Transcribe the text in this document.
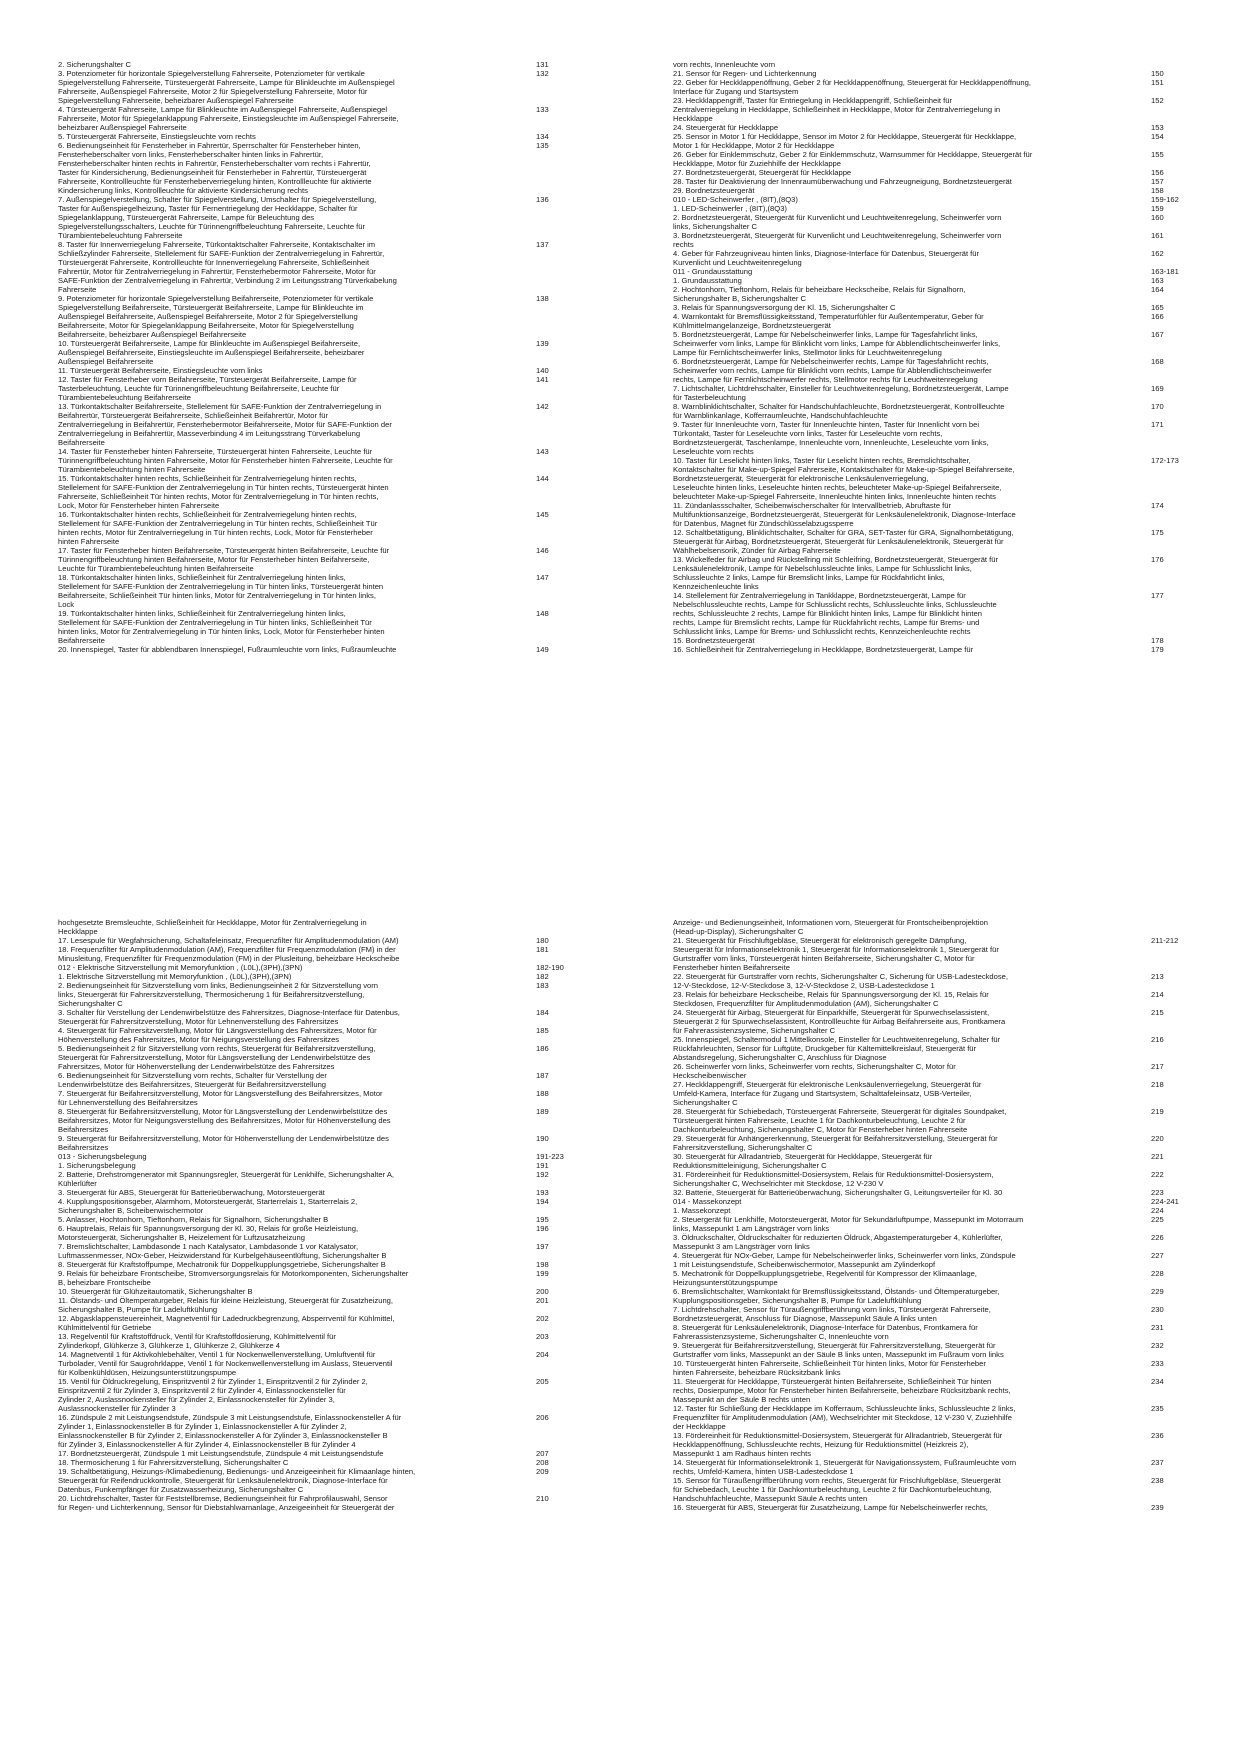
2. Sicherungshalter C	131
3. Potenziometer für horizontale Spiegelverstellung Fahrerseite, Potenziometer für vertikale
Spiegelverstellung Fahrerseite, Türsteuergerät Fahrerseite, Lampe für Blinkleuchte im Außenspiegel
Fahrerseite, Außenspiegel Fahrerseite, Motor 2 für Spiegelverstellung Fahrerseite, Motor für
Spiegelverstellung Fahrerseite, beheizbarer Außenspiegel Fahrerseite
132
4. Türsteuergerät Fahrerseite, Lampe für Blinkleuchte im Außenspiegel Fahrerseite, Außenspiegel
Fahrerseite, Motor für Spiegelanklappung Fahrerseite, Einstiegsleuchte im Außenspiegel Fahrerseite,
beheizbarer Außenspiegel Fahrerseite
133
5. Türsteuergerät Fahrerseite, Einstiegsleuchte vorn rechts	134
6. Bedienungseinheit für Fensterheber in Fahrertür, Sperrschalter für Fensterheber hinten,
Fensterheberschalter vorn links, Fensterheberschalter hinten links in Fahrertür,
Fensterheberschalter hinten rechts in Fahrertür, Fensterheberschalter vorn rechts i Fahrertür,
Taster für Kindersicherung, Bedienungseinheit für Fensterheber in Fahrertür, Türsteuergerät
Fahrerseite, Kontrollleuchte für Fensterheberverriegelung hinten, Kontrollleuchte für aktivierte
Kindersicherung links, Kontrollleuchte für aktivierte Kindersicherung rechts
135
7. Außenspiegelverstellung, Schalter für Spiegelverstellung, Umschalter für Spiegelverstellung,
Taster für Außenspiegelheizung, Taster für Fernentriegelung der Heckklappe, Schalter für
Spiegelanklappung, Türsteuergerät Fahrerseite, Lampe für Beleuchtung des
Spiegelverstellungsschalters, Leuchte für Türinnengriffbeleuchtung Fahrerseite, Leuchte für
Türambientebeleuchtung Fahrerseite
136
8. Taster für Innenverriegelung Fahrerseite, Türkontaktschalter Fahrerseite, Kontaktschalter im
Schließzylinder Fahrerseite, Stellelement für SAFE-Funktion der Zentralverriegelung in Fahrertür,
Türsteuergerät Fahrerseite, Kontrollleuchte für Innenverriegelung Fahrerseite, Schließeinheit
Fahrertür, Motor für Zentralverriegelung in Fahrertür, Fensterhebermotor Fahrerseite, Motor für
SAFE-Funktion der Zentralverriegelung in Fahrertür, Verbindung 2 im Leitungsstrang Türverkabelung
Fahrerseite
137
9. Potenziometer für horizontale Spiegelverstellung Beifahrerseite, Potenziometer für vertikale
Spiegelverstellung Beifahrerseite, Türsteuergerät Beifahrerseite, Lampe für Blinkleuchte im
Außenspiegel Beifahrerseite, Außenspiegel Beifahrerseite, Motor 2 für Spiegelverstellung
Beifahrerseite, Motor für Spiegelanklappung Beifahrerseite, Motor für Spiegelverstellung
Beifahrerseite, beheizbarer Außenspiegel Beifahrerseite
138
10. Türsteuergerät Beifahrerseite, Lampe für Blinkleuchte im Außenspiegel Beifahrerseite,
Außenspiegel Beifahrerseite, Einstiegsleuchte im Außenspiegel Beifahrerseite, beheizbarer
Außenspiegel Beifahrerseite
139
11. Türsteuergerät Beifahrerseite, Einstiegsleuchte vorn links	140
12. Taster für Fensterheber vorn Beifahrerseite, Türsteuergerät Beifahrerseite, Lampe für
Tasterbeleuchtung, Leuchte für Türinnengriffbeleuchtung Beifahrerseite, Leuchte für
Türambientebeleuchtung Beifahrerseite
141
13. Türkontaktschalter Beifahrerseite, Stellelement für SAFE-Funktion der Zentralverriegelung in
Beifahrertür, Türsteuergerät Beifahrerseite, Schließeinheit Beifahrertür, Motor für
Zentralverriegelung in Beifahrertür, Fensterhebermotor Beifahrerseite, Motor für SAFE-Funktion der
Zentralverriegelung in Beifahrertür, Masseverbindung 4 im Leitungsstrang Türverkabelung
Beifahrerseite
142
14. Taster für Fensterheber hinten Fahrerseite, Türsteuergerät hinten Fahrerseite, Leuchte für
Türinnengriffbeleuchtung hinten Fahrerseite, Motor für Fensterheber hinten Fahrerseite, Leuchte für
Türambientebeleuchtung hinten Fahrerseite
143
15. Türkontaktschalter hinten rechts, Schließeinheit für Zentralverriegelung hinten rechts,
Stellelement für SAFE-Funktion der Zentralverriegelung in Tür hinten rechts, Türsteuergerät hinten
Fahrerseite, Schließeinheit Tür hinten rechts, Motor für Zentralverriegelung in Tür hinten rechts,
Lock, Motor für Fensterheber hinten Fahrerseite
144
16. Türkontaktschalter hinten rechts, Schließeinheit für Zentralverriegelung hinten rechts,
Stellelement für SAFE-Funktion der Zentralverriegelung in Tür hinten rechts, Schließeinheit Tür
hinten rechts, Motor für Zentralverriegelung in Tür hinten rechts, Lock, Motor für Fensterheber
hinten Fahrerseite
145
17. Taster für Fensterheber hinten Beifahrerseite, Türsteuergerät hinten Beifahrerseite, Leuchte für
Türinnengriffbeleuchtung hinten Beifahrerseite, Motor für Fensterheber hinten Beifahrerseite,
Leuchte für Türambientebeleuchtung hinten Beifahrerseite
146
18. Türkontaktschalter hinten links, Schließeinheit für Zentralverriegelung hinten links,
Stellelement für SAFE-Funktion der Zentralverriegelung in Tür hinten links, Türsteuergerät hinten
Beifahrerseite, Schließeinheit Tür hinten links, Motor für Zentralverriegelung in Tür hinten links,
Lock
147
19. Türkontaktschalter hinten links, Schließeinheit für Zentralverriegelung hinten links,
Stellelement für SAFE-Funktion der Zentralverriegelung in Tür hinten links, Schließeinheit Tür
hinten links, Motor für Zentralverriegelung in Tür hinten links, Lock, Motor für Fensterheber hinten
Beifahrerseite
148
20. Innenspiegel, Taster für abblendbaren Innenspiegel, Fußraumleuchte vorn links, Fußraumleuchte	149
vorn rechts, Innenleuchte vorn
21. Sensor für Regen- und Lichterkennung	150
22. Geber für Heckklappenöffnung, Geber 2 für Heckklappenöffnung, Steuergerät für Heckklappenöffnung,
Interface für Zugang und Startsystem
151
23. Heckklappengriff, Taster für Entriegelung in Heckklappengriff, Schließeinheit für
Zentralverriegelung in Heckklappe, Schließeinheit in Heckklappe, Motor für Zentralverriegelung in
Heckklappe
152
24. Steuergerät für Heckklappe	153
25. Sensor in Motor 1 für Heckklappe, Sensor im Motor 2 für Heckklappe, Steuergerät für Heckklappe,
Motor 1 für Heckklappe, Motor 2 für Heckklappe
154
26. Geber für Einklemmschutz, Geber 2 für Einklemmschutz, Warnsummer für Heckklappe, Steuergerät für
Heckklappe, Motor für Zuziehhilfe der Heckklappe
155
27. Bordnetzsteuergerät, Steuergerät für Heckklappe	156
28. Taster für Deaktivierung der Innenraumüberwachung und Fahrzeugneigung, Bordnetzsteuergerät	157
29. Bordnetzsteuergerät	158
010 - LED-Scheinwerfer , (8IT),(8Q3)	159-162
1. LED-Scheinwerfer , (8IT),(8Q3)	159
2. Bordnetzsteuergerät, Steuergerät für Kurvenlicht und Leuchtweitenregelung, Scheinwerfer vorn
links, Sicherungshalter C
160
3. Bordnetzsteuergerät, Steuergerät für Kurvenlicht und Leuchtweitenregelung, Scheinwerfer vorn
rechts
161
4. Geber für Fahrzeugniveau hinten links, Diagnose-Interface für Datenbus, Steuergerät für
Kurvenlicht und Leuchtweitenregelung
162
011 - Grundausstattung	163-181
1. Grundausstattung	163
2. Hochtonhorn, Tieftonhorn, Relais für beheizbare Heckscheibe, Relais für Signalhorn,
Sicherungshalter B, Sicherungshalter C
164
3. Relais für Spannungsversorgung der Kl. 15, Sicherungshalter C	165
4. Warnkontakt für Bremsflüssigkeitsstand, Temperaturfühler für Außentemperatur, Geber für
Kühlmittelmangelanzeige, Bordnetzsteuergerät
166
5. Bordnetzsteuergerät, Lampe für Nebelscheinwerfer links, Lampe für Tagesfahrlicht links,
Scheinwerfer vorn links, Lampe für Blinklicht vorn links, Lampe für Abblendlichtscheinwerfer links,
Lampe für Fernlichtscheinwerfer links, Stellmotor links für Leuchtweitenregelung
167
6. Bordnetzsteuergerät, Lampe für Nebelscheinwerfer rechts, Lampe für Tagesfahrlicht rechts,
Scheinwerfer vorn rechts, Lampe für Blinklicht vorn rechts, Lampe für Abblendlichtscheinwerfer
rechts, Lampe für Fernlichtscheinwerfer rechts, Stellmotor rechts für Leuchtweitenregelung
168
7. Lichtschalter, Lichtdrehschalter, Einsteller für Leuchtweitenregelung, Bordnetzsteuergerät, Lampe
für Tasterbeleuchtung
169
8. Warnblinklichtschalter, Schalter für Handschuhfachleuchte, Bordnetzsteuergerät, Kontrollleuchte
für Warnblinkanlage, Kofferraumleuchte, Handschuhfachleuchte
170
9. Taster für Innenleuchte vorn, Taster für Innenleuchte hinten, Taster für Innenlicht vorn bei
Türkontakt, Taster für Leseleuchte vorn links, Taster für Leseleuchte vorn rechts,
Bordnetzsteuergerät, Taschenlampe, Innenleuchte vorn, Innenleuchte, Leseleuchte vorn links,
Leseleuchte vorn rechts
171
10. Taster für Leselicht hinten links, Taster für Leselicht hinten rechts, Bremslichtschalter,
Kontaktschalter für Make-up-Spiegel Fahrerseite, Kontaktschalter für Make-up-Spiegel Beifahrerseite,
Bordnetzsteuergerät, Steuergerät für elektronische Lenksäulenverriegelung,
Leseleuchte hinten links, Leseleuchte hinten rechts, beleuchteter Make-up-Spiegel Beifahrerseite,
beleuchteter Make-up-Spiegel Fahrerseite, Innenleuchte hinten links, Innenleuchte hinten rechts
172-173
11. Zündanlassschalter, Scheibenwischerschalter für Intervallbetrieb, Abruftaste für
Multifunktionsanzeige, Bordnetzsteuergerät, Steuergerät für Lenksäulenelektronik, Diagnose-Interface
für Datenbus, Magnet für Zündschlüsselabzugssperre
174
12. Schaltbetätigung, Blinklichtschalter, Schalter für GRA, SET-Taster für GRA, Signalhornbetätigung,
Steuergerät für Airbag, Bordnetzsteuergerät, Steuergerät für Lenksäulenelektronik, Steuergerät für
Wählhebelsensorik, Zünder für Airbag Fahrerseite
175
13. Wickelfeder für Airbag und Rückstellring mit Schleifring, Bordnetzsteuergerät, Steuergerät für
Lenksäulenelektronik, Lampe für Nebelschlussleuchte links, Lampe für Schlusslicht links,
Schlussleuchte 2 links, Lampe für Bremslicht links, Lampe für Rückfahrlicht links,
Kennzeichenleuchte links
176
14. Stellelement für Zentralverriegelung in Tankklappe, Bordnetzsteuergerät, Lampe für
Nebelschlussleuchte rechts, Lampe für Schlusslicht rechts, Schlussleuchte links, Schlussleuchte
rechts, Schlussleuchte 2 rechts, Lampe für Blinklicht hinten links, Lampe für Blinklicht hinten
rechts, Lampe für Bremslicht rechts, Lampe für Rückfahrlicht rechts, Lampe für Brems- und
Schlusslicht links, Lampe für Brems- und Schlusslicht rechts, Kennzeichenleuchte rechts
177
15. Bordnetzsteuergerät	178
16. Schließeinheit für Zentralverriegelung in Heckklappe, Bordnetzsteuergerät, Lampe für	179
hochgesetzte Bremsleuchte, Schließeinheit für Heckklappe, Motor für Zentralverriegelung in
Heckklappe
17. Lesespule für Wegfahrsicherung, Schaltafeleinsatz, Frequenzfilter für Amplitudenmodulation (AM)	180
18. Frequenzfilter für Amplitudenmodulation (AM), Frequenzfilter für Frequenzmodulation (FM) in der
Minusleitung, Frequenzfilter für Frequenzmodulation (FM) in der Plusleitung, beheizbare Heckscheibe
181
012 - Elektrische Sitzverstellung mit Memoryfunktion , (L0L),(3PH),(3PN)	182-190
1. Elektrische Sitzverstellung mit Memoryfunktion , (L0L),(3PH),(3PN)	182
2. Bedienungseinheit für Sitzverstellung vorn links, Bedienungseinheit 2 für Sitzverstellung vorn
links, Steuergerät für Fahrersitzverstellung, Thermosicherung 1 für Beifahrersitzverstellung,
Sicherungshalter C
183
3. Schalter für Verstellung der Lendenwirbelstütze des Fahrersitzes, Diagnose-Interface für Datenbus,
Steuergerät für Fahrersitzverstellung, Motor für Lehnenverstellung des Fahrersitzes
184
4. Steuergerät für Fahrersitzverstellung, Motor für Längsverstellung des Fahrersitzes, Motor für
Höhenverstellung des Fahrersitzes, Motor für Neigungsverstellung des Fahrersitzes
185
5. Bedienungseinheit 2 für Sitzverstellung vorn rechts, Steuergerät für Beifahrersitzverstellung,
Steuergerät für Fahrersitzverstellung, Motor für Längsverstellung der Lendenwirbelstütze des
Fahrersitzes, Motor für Höhenverstellung der Lendenwirbelstütze des Fahrersitzes
186
6. Bedienungseinheit für Sitzverstellung vorn rechts, Schalter für Verstellung der
Lendenwirbelstütze des Beifahrersitzes, Steuergerät für Beifahrersitzverstellung
187
7. Steuergerät für Beifahrersitzverstellung, Motor für Längsverstellung des Beifahrersitzes, Motor
für Lehnenverstellung des Beifahrersitzes
188
8. Steuergerät für Beifahrersitzverstellung, Motor für Längsverstellung der Lendenwirbelstütze des
Beifahrersitzes, Motor für Neigungsverstellung des Beifahrersitzes, Motor für Höhenverstellung des
Beifahrersitzes
189
9. Steuergerät für Beifahrersitzverstellung, Motor für Höhenverstellung der Lendenwirbelstütze des
Beifahrersitzes
190
013 - Sicherungsbelegung	191-223
1. Sicherungsbelegung	191
2. Batterie, Drehstromgenerator mit Spannungsregler, Steuergerät für Lenkhilfe, Sicherungshalter A,
Kühlerlüfter
192
3. Steuergerät für ABS, Steuergerät für Batterieüberwachung, Motorsteuergerät	193
4. Kupplungspositionsgeber, Alarmhorn, Motorsteuergerät, Starterrelais 1, Starterrelais 2,
Sicherungshalter B, Scheibenwischermotor
194
5. Anlasser, Hochtonhorn, Tieftonhorn, Relais für Signalhorn, Sicherungshalter B	195
6. Hauptrelais, Relais für Spannungsversorgung der Kl. 30, Relais für große Heizleistung,
Motorsteuergerät, Sicherungshalter B, Heizelement für Luftzusatzheizung
196
7. Bremslichtschalter, Lambdasonde 1 nach Katalysator, Lambdasonde 1 vor Katalysator,
Luftmassenmesser, NOx-Geber, Heizwiderstand für Kurbelgehäuseentlüftung, Sicherungshalter B
197
8. Steuergerät für Kraftstoffpumpe, Mechatronik für Doppelkupplungsgetriebe, Sicherungshalter B	198
9. Relais für beheizbare Frontscheibe, Stromversorgungsrelais für Motorkomponenten, Sicherungshalter
B, beheizbare Frontscheibe
199
10. Steuergerät für Glühzeitautomatik, Sicherungshalter B	200
11. Ölstands- und Öltemperaturgeber, Relais für kleine Heizleistung, Steuergerät für Zusatzheizung,
Sicherungshalter B, Pumpe für Ladeluftkühlung
201
12. Abgasklappensteuereinheit, Magnetventil für Ladedruckbegrenzung, Absperrventil für Kühlmittel,
Kühlmittelventil für Getriebe
202
13. Regelventil für Kraftstoffdruck, Ventil für Kraftstoffdosierung, Kühlmittelventil für
Zylinderkopf, Glühkerze 3, Glühkerze 1, Glühkerze 2, Glühkerze 4
203
14. Magnetventil 1 für Aktivkohlebehälter, Ventil 1 für Nockenwellenverstellung, Umluftventil für
Turbolader, Ventil für Saugrohrklappe, Ventil 1 für Nockenwellenverstellung im Auslass, Steuerventil
für Kolbenkühldüsen, Heizungsunterstützungspumpe
204
15. Ventil für Öldruckregelung, Einspritzventil 2 für Zylinder 1, Einspritzventil 2 für Zylinder 2,
Einspritzventil 2 für Zylinder 3, Einspritzventil 2 für Zylinder 4, Einlassnockensteller für
Zylinder 2, Auslassnockensteller für Zylinder 2, Einlassnockensteller für Zylinder 3,
Auslassnockensteller für Zylinder 3
205
16. Zündspule 2 mit Leistungsendstufe, Zündspule 3 mit Leistungsendstufe, Einlassnockensteller A für
Zylinder 1, Einlassnockensteller B für Zylinder 1, Einlassnockensteller A für Zylinder 2,
Einlassnockensteller B für Zylinder 2, Einlassnockensteller A für Zylinder 3, Einlassnockensteller B
für Zylinder 3, Einlassnockensteller A für Zylinder 4, Einlassnockensteller B für Zylinder 4
206
17. Bordnetzsteuergerät, Zündspule 1 mit Leistungsendstufe, Zündspule 4 mit Leistungsendstufe	207
18. Thermosicherung 1 für Fahrersitzverstellung, Sicherungshalter C	208
19. Schaltbetätigung, Heizungs-/Klimabedienung, Bedienungs- und Anzeigeeinheit für Klimaanlage hinten,
Steuergerät für Reifendruckkontrolle, Steuergerät für Lenksäulenelektronik, Diagnose-Interface für
Datenbus, Funkempfänger für Zusatzwasserheizung, Sicherungshalter C
209
20. Lichtdrehschalter, Taster für Feststellbremse, Bedienungseinheit für Fahrprofilauswahl, Sensor
für Regen- und Lichterkennung, Sensor für Diebstahlwarnanlage, Anzeigeeinheit für Steuergerät der
210
Anzeige- und Bedienungseinheit, Informationen vorn, Steuergerät für Frontscheibenprojektion
(Head-up-Display), Sicherungshalter C
21. Steuergerät für Frischluftgebläse, Steuergerät für elektronisch geregelte Dämpfung,
Steuergerät für Informationselektronik 1, Steuergerät für Informationselektronik 1, Steuergerät für
Gurtstraffer vorn links, Türsteuergerät hinten Beifahrerseite, Sicherungshalter C, Motor für
Fensterheber hinten Beifahrerseite
211-212
22. Steuergerät für Gurtstraffer vorn rechts, Sicherungshalter C, Sicherung für USB-Ladesteckdose,
12-V-Steckdose, 12-V-Steckdose 3, 12-V-Steckdose 2, USB-Ladesteckdose 1
213
23. Relais für beheizbare Heckscheibe, Relais für Spannungsversorgung der Kl. 15, Relais für
Steckdosen, Frequenzfilter für Amplitudenmodulation (AM), Sicherungshalter C
214
24. Steuergerät für Airbag, Steuergerät für Einparkhilfe, Steuergerät für Spurwechselassistent,
Steuergerät 2 für Spurwechselassistent, Kontrollleuchte für Airbag Beifahrerseite aus, Frontkamera
für Fahrerassistenzsysteme, Sicherungshalter C
215
25. Innenspiegel, Schaltermodul 1 Mittelkonsole, Einsteller für Leuchtweitenregelung, Schalter für
Rückfahrleuchten, Sensor für Luftgüte, Druckgeber für Kältemittelkreislauf, Steuergerät für
Abstandsregelung, Sicherungshalter C, Anschluss für Diagnose
216
26. Scheinwerfer vorn links, Scheinwerfer vorn rechts, Sicherungshalter C, Motor für
Heckscheibenwischer
217
27. Heckklappengriff, Steuergerät für elektronische Lenksäulenverriegelung, Steuergerät für
Umfeld-Kamera, Interface für Zugang und Startsystem, Schalttafeleinsatz, USB-Verteiler,
Sicherungshalter C
218
28. Steuergerät für Schiebedach, Türsteuergerät Fahrerseite, Steuergerät für digitales Soundpaket,
Türsteuergerät hinten Fahrerseite, Leuchte 1 für Dachkonturbeleuchtung, Leuchte 2 für
Dachkonturbeleuchtung, Sicherungshalter C, Motor für Fensterheber hinten Fahrerseite
219
29. Steuergerät für Anhängererkennung, Steuergerät für Beifahrersitzverstellung, Steuergerät für
Fahrersitzverstellung, Sicherungshalter C
220
30. Steuergerät für Allradantrieb, Steuergerät für Heckklappe, Steuergerät für
Reduktionsmitteleinigung, Sicherungshalter C
221
31. Fördereinheit für Reduktionsmittel-Dosiersystem, Relais für Reduktionsmittel-Dosiersystem,
Sicherungshalter C, Wechselrichter mit Steckdose, 12 V-230 V
222
32. Batterie, Steuergerät für Batterieüberwachung, Sicherungshalter G, Leitungsverteiler für Kl. 30	223
014 - Massekonzept	224-241
1. Massekonzept	224
2. Steuergerät für Lenkhilfe, Motorsteuergerät, Motor für Sekundärluftpumpe, Massepunkt im Motorraum
links, Massepunkt 1 am Längsträger vorn links
225
3. Öldruckschalter, Öldruckschalter für reduzierten Öldruck, Abgastemperaturgeber 4, Kühlerlüfter,
Massepunkt 3 am Längsträger vorn links
226
4. Steuergerät für NOx-Geber, Lampe für Nebelscheinwerfer links, Scheinwerfer vorn links, Zündspule
1 mit Leistungsendstufe, Scheibenwischermotor, Massepunkt am Zylinderkopf
227
5. Mechatronik für Doppelkupplungsgetriebe, Regelventil für Kompressor der Klimaanlage,
Heizungsunterstützungspumpe
228
6. Bremslichtschalter, Warnkontakt für Bremsflüssigkeitsstand, Ölstands- und Öltemperaturgeber,
Kupplungspositionsgeber, Sicherungshalter B, Pumpe für Ladeluftkühlung
229
7. Lichtdrehschalter, Sensor für Türaußengriffberührung vorn links, Türsteuergerät Fahrerseite,
Bordnetzsteuergerät, Anschluss für Diagnose, Massepunkt Säule A links unten
230
8. Steuergerät für Lenksäulenelektronik, Diagnose-Interface für Datenbus, Frontkamera für
Fahrerassistenzsysteme, Sicherungshalter C, Innenleuchte vorn
231
9. Steuergerät für Beifahrersitzverstellung, Steuergerät für Fahrersitzverstellung, Steuergerät für
Gurtstraffer vorn links, Massepunkt an der Säule B links unten, Massepunkt im Fußraum vorn links
232
10. Türsteuergerät hinten Fahrerseite, Schließeinheit Tür hinten links, Motor für Fensterheber
hinten Fahrerseite, beheizbare Rücksitzbank links
233
11. Steuergerät für Heckklappe, Türsteuergerät hinten Beifahrerseite, Schließeinheit Tür hinten
rechts, Dosierpumpe, Motor für Fensterheber hinten Beifahrerseite, beheizbare Rücksitzbank rechts,
Massepunkt an der Säule B rechts unten
234
12. Taster für Schließung der Heckklappe im Kofferraum, Schlussleuchte links, Schlussleuchte 2 links,
Frequenzfilter für Amplitudenmodulation (AM), Wechselrichter mit Steckdose, 12 V-230 V, Zuziehhilfe
der Heckklappe
235
13. Fördereinheit für Reduktionsmittel-Dosiersystem, Steuergerät für Allradantrieb, Steuergerät für
Heckklappenöffnung, Schlussleuchte rechts, Heizung für Reduktionsmittel (Heizkreis 2),
Massepunkt 1 am Radhaus hinten rechts
236
14. Steuergerät für Informationselektronik 1, Steuergerät für Navigationssystem, Fußraumleuchte vorn
rechts, Umfeld-Kamera, hinten USB-Ladesteckdose 1
237
15. Sensor für Türaußengriffberührung vorn rechts, Steuergerät für Frischluftgebläse, Steuergerät
für Schiebedach, Leuchte 1 für Dachkonturbeleuchtung, Leuchte 2 für Dachkonturbeleuchtung,
Handschuhfachleuchte, Massepunkt Säule A rechts unten
238
16. Steuergerät für ABS, Steuergerät für Zusatzheizung, Lampe für Nebelscheinwerfer rechts,	239
